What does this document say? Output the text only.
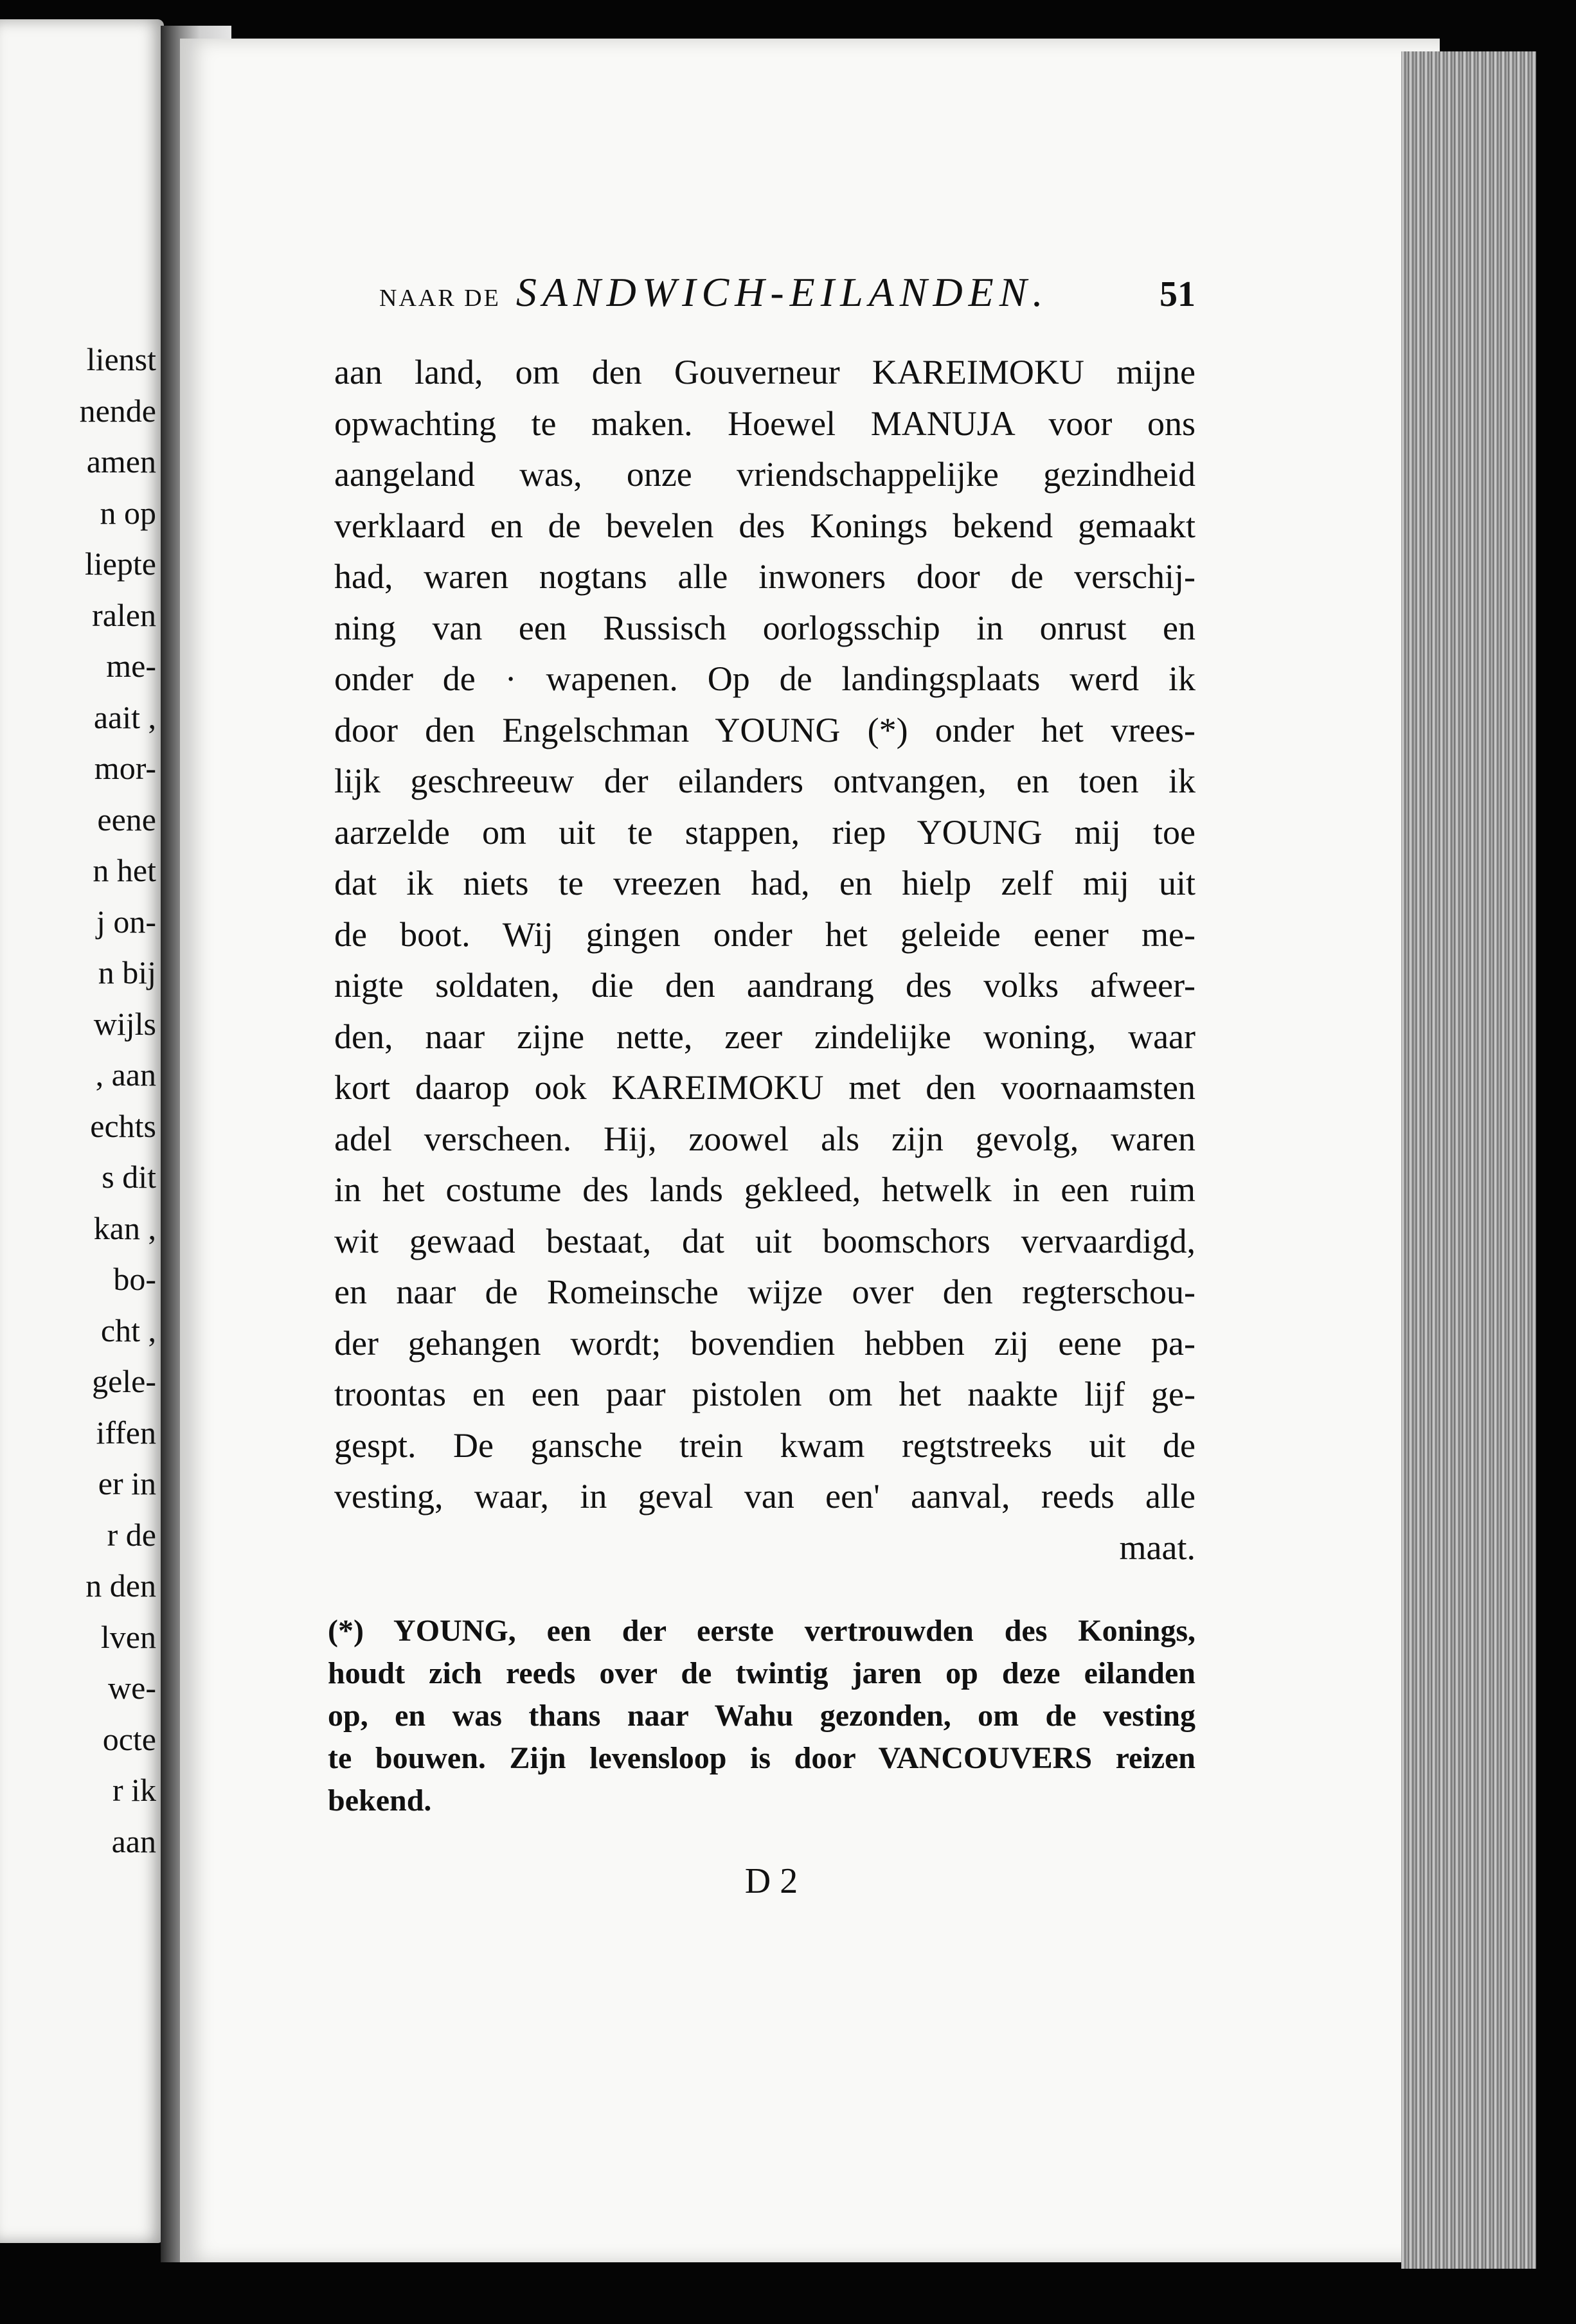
lienst
nende
amen
n op
liepte
ralen
me-
aait ,
mor-
eene
n het
j on-
n bij
wijls
, aan
echts
s dit
kan ,
bo-
cht ,
gele-
iffen
er in
r de
n den
lven
we-
octe
r ik
aan
NAAR DE SANDWICH-EILANDEN.	51
aan land, om den Gouverneur KAREIMOKU mijne
opwachting te maken. Hoewel MANUJA voor ons
aangeland was, onze vriendschappelijke gezindheid
verklaard en de bevelen des Konings bekend gemaakt
had, waren nogtans alle inwoners door de verschij-
ning van een Russisch oorlogsschip in onrust en
onder de · wapenen. Op de landingsplaats werd ik
door den Engelschman YOUNG (*) onder het vrees-
lijk geschreeuw der eilanders ontvangen, en toen ik
aarzelde om uit te stappen, riep YOUNG mij toe
dat ik niets te vreezen had, en hielp zelf mij uit
de boot. Wij gingen onder het geleide eener me-
nigte soldaten, die den aandrang des volks afweer-
den, naar zijne nette, zeer zindelijke woning, waar
kort daarop ook KAREIMOKU met den voornaamsten
adel verscheen. Hij, zoowel als zijn gevolg, waren
in het costume des lands gekleed, hetwelk in een ruim
wit gewaad bestaat, dat uit boomschors vervaardigd,
en naar de Romeinsche wijze over den regterschou-
der gehangen wordt; bovendien hebben zij eene pa-
troontas en een paar pistolen om het naakte lijf ge-
gespt. De gansche trein kwam regtstreeks uit de
vesting, waar, in geval van een' aanval, reeds alle
maat.
(*) YOUNG, een der eerste vertrouwden des Konings,
houdt zich reeds over de twintig jaren op deze eilanden
op, en was thans naar Wahu gezonden, om de vesting
te bouwen. Zijn levensloop is door VANCOUVERS reizen
bekend.
D 2
